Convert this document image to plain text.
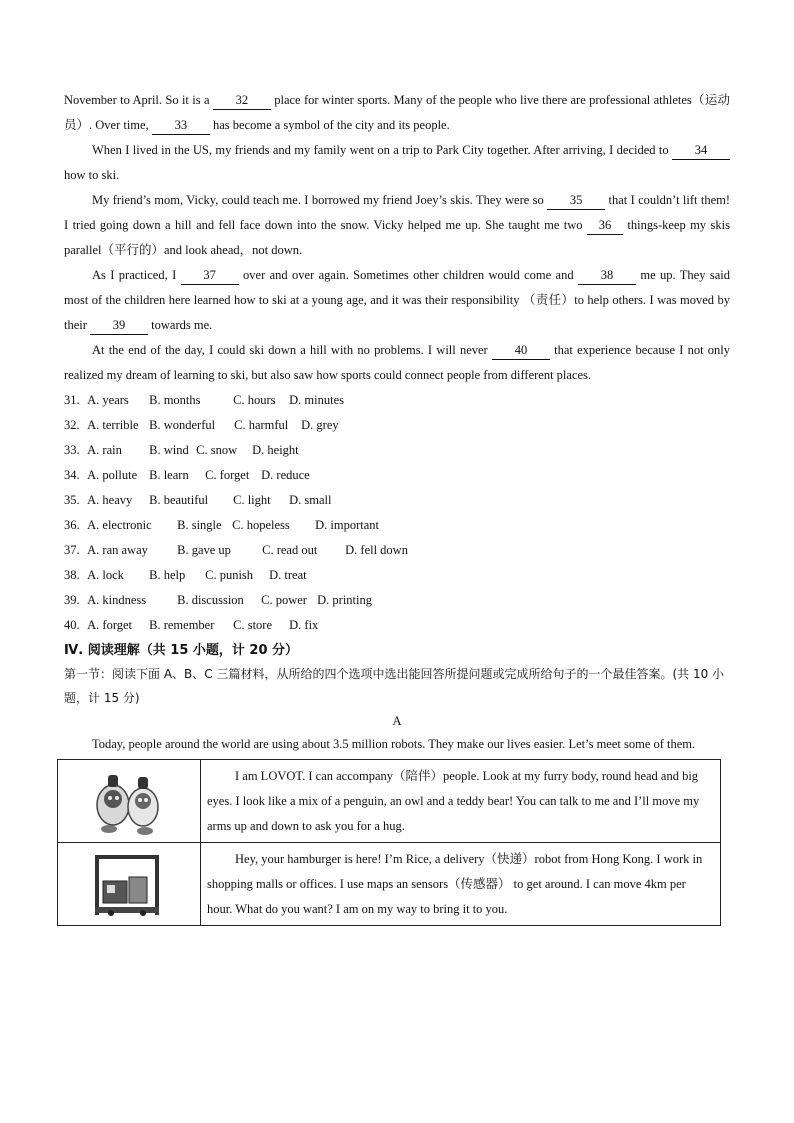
November to April. So it is a 32 place for winter sports. Many of the people who live there are professional athletes（运动员）. Over time, 33 has become a symbol of the city and its people.

When I lived in the US, my friends and my family went on a trip to Park City together. After arriving, I decided to 34 how to ski.

My friend’s mom, Vicky, could teach me. I borrowed my friend Joey’s skis. They were so 35 that I couldn’t lift them! I tried going down a hill and fell face down into the snow. Vicky helped me up. She taught me two 36 things-keep my skis parallel（平行的）and look ahead，not down.

As I practiced, I 37 over and over again. Sometimes other children would come and 38 me up. They said most of the children here learned how to ski at a young age, and it was their responsibility （责任）to help others. I was moved by their 39 towards me.

At the end of the day, I could ski down a hill with no problems. I will never 40 that experience because I not only realized my dream of learning to ski, but also saw how sports could connect people from different places.

31. A. years B. months	C. hours D. minutes
32. A. terrible B. wonderful C. harmful D. grey
33. A. rain B. wind C. snow D. height
34. A. pollute B. learn C. forget D. reduce
35. A. heavy B. beautiful C. light D. small
36. A. electronic B. single C. hopeless D. important
37. A. ran away B. gave up C. read out D. fell down
38. A. lock B. help C. punish D. treat
39. A. kindness B. discussion C. power D. printing
40. A. forget B. remember C. store D. fix
Ⅳ. 阅读理解（共 15 小题，计 20 分）
第一节：阅读下面 A、B、C 三篇材料，从所给的四个选项中选出能回答所提问题或完成所给句子的一个最佳答案。(共 10 小题，计 15 分)
A

Today, people around the world are using about 3.5 million robots. They make our lives easier. Let’s meet some of them.

	I am LOVOT. I can accompany（陪伴）people. Look at my furry body, round head and big eyes. I look like a mix of a penguin, an owl and a teddy bear! You can talk to me and I’ll move my arms up and down to ask you for a hug.

	Hey, your hamburger is here! I’m Rice, a delivery（快递）robot from Hong Kong. I work in shopping malls or offices. I use maps an sensors（传感器） to get around. I can move 4km per hour. What do you want? I am on my way to bring it to you.
